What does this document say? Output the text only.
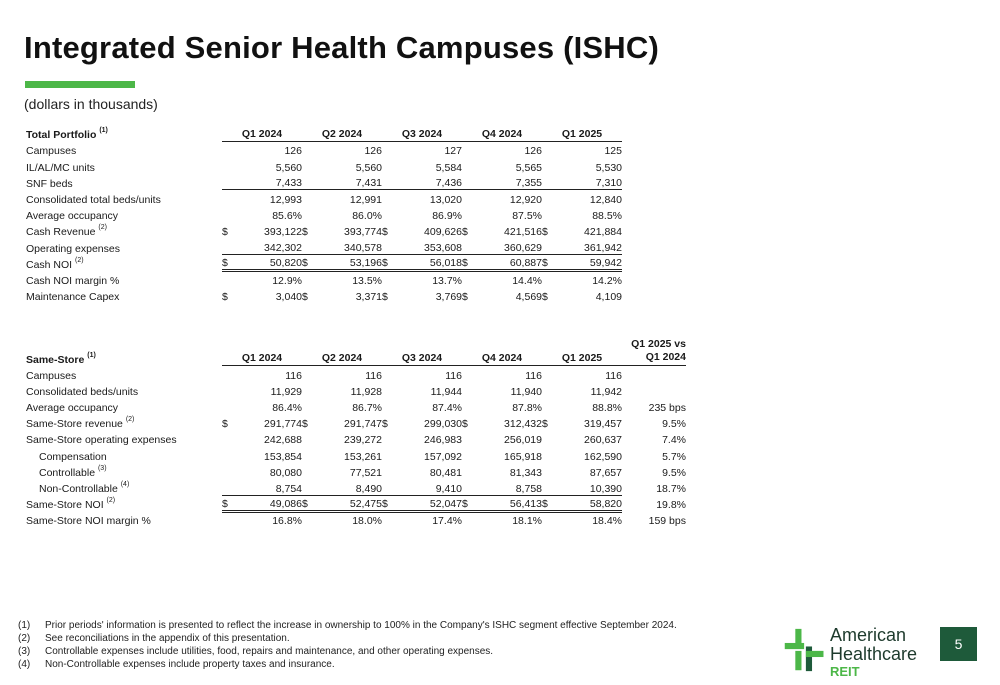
Integrated Senior Health Campuses (ISHC)
(dollars in thousands)
Total Portfolio $^{(1)}$	Q1 2024		Q2 2024		Q3 2024		Q4 2024		Q1 2025	
Campuses		126		126		127		126		125
IL/AL/MC units		5,560		5,560		5,584		5,565		5,530
SNF beds		7,433		7,431		7,436		7,355		7,310
Consolidated total beds/units		12,993		12,991		13,020		12,920		12,840
Average occupancy		85.6%		86.0%		86.9%		87.5%		88.5%
Cash Revenue $^{(2)}$	$	393,122	$	393,774	$	409,626	$	421,516	$	421,884
Operating expenses		342,302		340,578		353,608		360,629		361,942
Cash NOI $^{(2)}$	$	50,820	$	53,196	$	56,018	$	60,887	$	59,942
Cash NOI margin %		12.9%		13.5%		13.7%		14.4%		14.2%
Maintenance Capex	$	3,040	$	3,371	$	3,769	$	4,569	$	4,109
Same-Store $^{(1)}$	Q1 2024		Q2 2024		Q3 2024		Q4 2024		Q1 2025		Q1 2025 vs
Q1 2024
Campuses		116		116		116		116		116	
Consolidated beds/units		11,929		11,928		11,944		11,940		11,942	
Average occupancy		86.4%		86.7%		87.4%		87.8%		88.8%	235 bps
Same-Store revenue $^{(2)}$	$	291,774	$	291,747	$	299,030	$	312,432	$	319,457	9.5%
Same-Store operating expenses		242,688		239,272		246,983		256,019		260,637	7.4%
Compensation		153,854		153,261		157,092		165,918		162,590	5.7%
Controllable $^{(3)}$		80,080		77,521		80,481		81,343		87,657	9.5%
Non-Controllable $^{(4)}$		8,754		8,490		9,410		8,758		10,390	18.7%
Same-Store NOI $^{(2)}$	$	49,086	$	52,475	$	52,047	$	56,413	$	58,820	19.8%
Same-Store NOI margin %		16.8%		18.0%		17.4%		18.1%		18.4%	159 bps
(1)	Prior periods' information is presented to reflect the increase in ownership to 100% in the Company's ISHC segment effective September 2024.
(2)	See reconciliations in the appendix of this presentation.
(3)	Controllable expenses include utilities, food, repairs and maintenance, and other operating expenses.
(4)	Non-Controllable expenses include property taxes and insurance.
American
Healthcare
REIT
5
